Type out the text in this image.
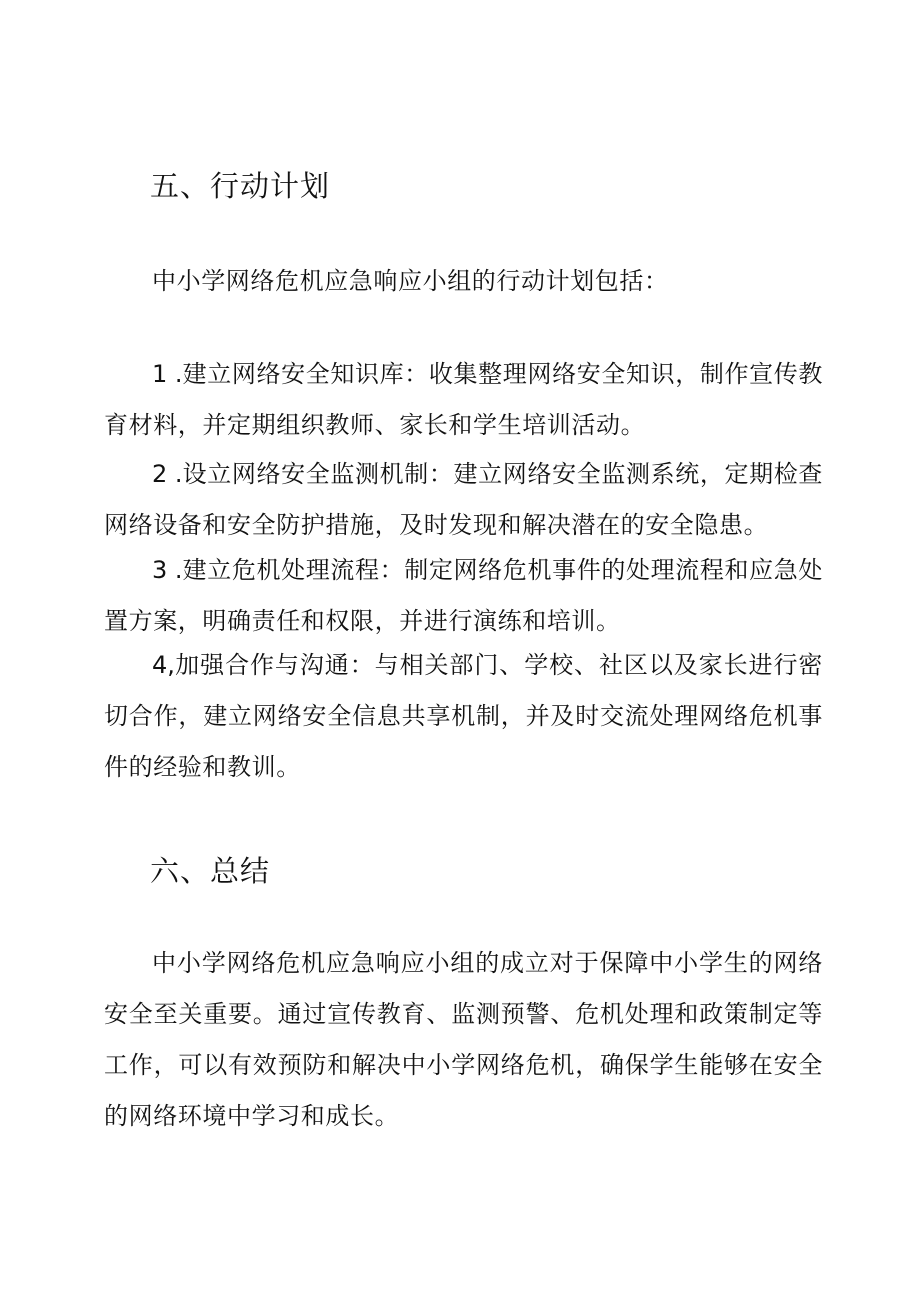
五、行动计划

中小学网络危机应急响应小组的行动计划包括：

1 .建立网络安全知识库：收集整理网络安全知识，制作宣传教育材料，并定期组织教师、家长和学生培训活动。

2 .设立网络安全监测机制：建立网络安全监测系统，定期检查网络设备和安全防护措施，及时发现和解决潜在的安全隐患。

3 .建立危机处理流程：制定网络危机事件的处理流程和应急处置方案，明确责任和权限，并进行演练和培训。

4,加强合作与沟通：与相关部门、学校、社区以及家长进行密切合作，建立网络安全信息共享机制，并及时交流处理网络危机事件的经验和教训。

六、总结

中小学网络危机应急响应小组的成立对于保障中小学生的网络安全至关重要。通过宣传教育、监测预警、危机处理和政策制定等工作，可以有效预防和解决中小学网络危机，确保学生能够在安全的网络环境中学习和成长。
